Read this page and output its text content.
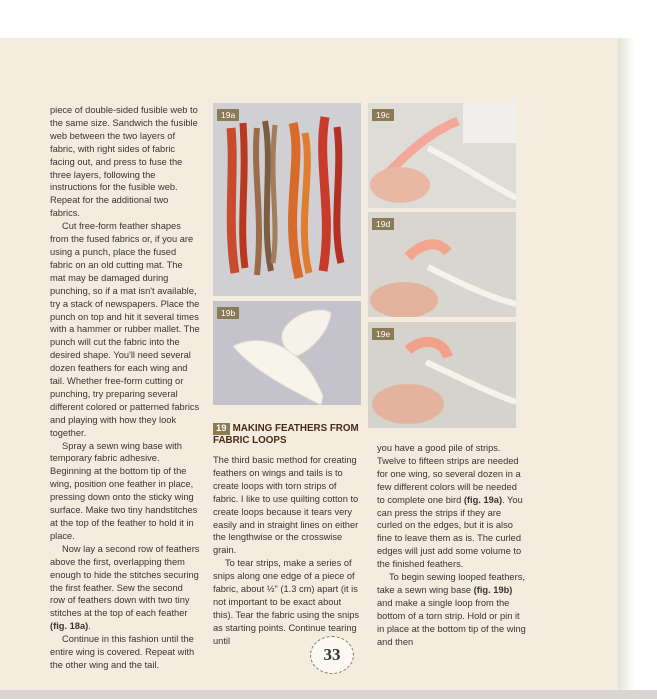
piece of double-sided fusible web to the same size. Sandwich the fusible web between the two layers of fabric, with right sides of fabric facing out, and press to fuse the three layers, following the instructions for the fusible web. Repeat for the additional two fabrics.

Cut free-form feather shapes from the fused fabrics or, if you are using a punch, place the fused fabric on an old cutting mat. The mat may be damaged during punching, so if a mat isn't available, try a stack of newspapers. Place the punch on top and hit it several times with a hammer or rubber mallet. The punch will cut the fabric into the desired shape. You'll need several dozen feathers for each wing and tail. Whether free-form cutting or punching, try preparing several different colored or patterned fabrics and playing with how they look together.

Spray a sewn wing base with temporary fabric adhesive. Beginning at the bottom tip of the wing, position one feather in place, pressing down onto the sticky wing surface. Make two tiny handstitches at the top of the feather to hold it in place.

Now lay a second row of feathers above the first, overlapping them enough to hide the stitches securing the first feather. Sew the second row of feathers down with two tiny stitches at the top of each feather (fig. 18a).

Continue in this fashion until the entire wing is covered. Repeat with the other wing and the tail.

19a
19b
19c
19d
19e
19 MAKING FEATHERS FROM FABRIC LOOPS

The third basic method for creating feathers on wings and tails is to create loops with torn strips of fabric. I like to use quilting cotton to create loops because it tears very easily and in straight lines on either the lengthwise or the crosswise grain.

To tear strips, make a series of snips along one edge of a piece of fabric, about ½" (1.3 cm) apart (it is not important to be exact about this). Tear the fabric using the snips as starting points. Continue tearing until

you have a good pile of strips. Twelve to fifteen strips are needed for one wing, so several dozen in a few different colors will be needed to complete one bird (fig. 19a). You can press the strips if they are curled on the edges, but it is also fine to leave them as is. The curled edges will just add some volume to the finished feathers.

To begin sewing looped feathers, take a sewn wing base (fig. 19b) and make a single loop from the bottom of a torn strip. Hold or pin it in place at the bottom tip of the wing and then

33
